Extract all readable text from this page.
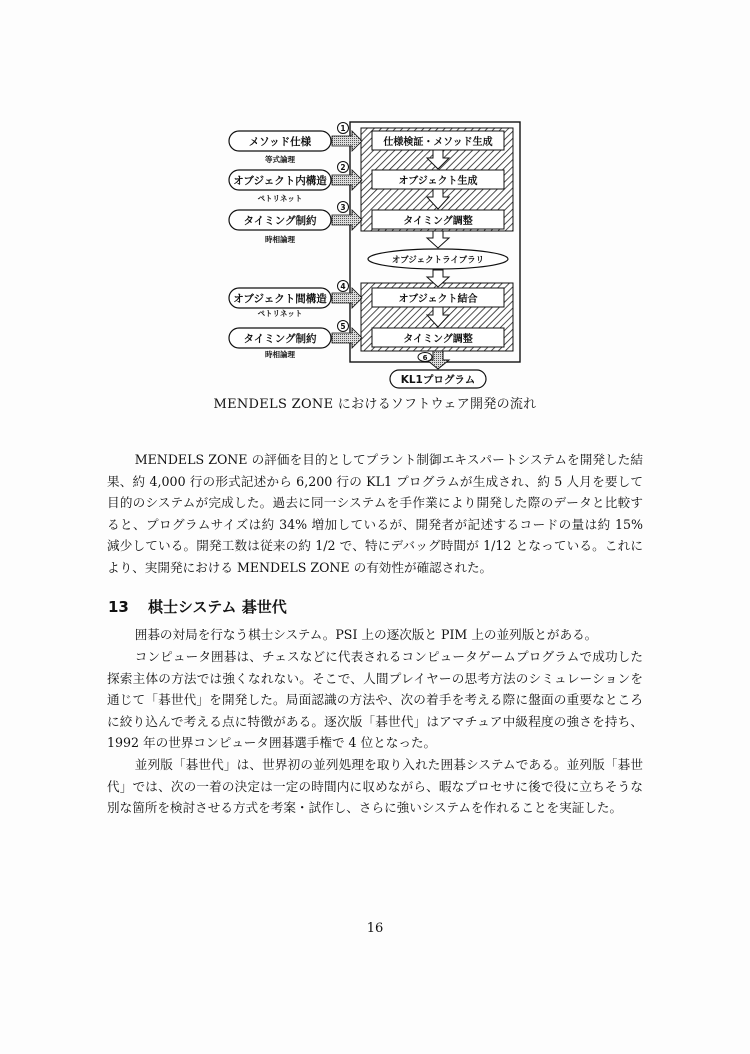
仕様検証・メソッド生成
オブジェクト生成
タイミング調整
オブジェクト結合
タイミング調整
オブジェクトライブラリ
メソッド仕様
等式論理
1
オブジェクト内構造
ペトリネット
2
タイミング制約
時相論理
3
オブジェクト間構造
ペトリネット
4
タイミング制約
時相論理
5
6
KL1プログラム
MENDELS ZONE におけるソフトウェア開発の流れ

MENDELS ZONE の評価を目的としてプラント制御エキスパートシステムを開発した結果、約 4,000 行の形式記述から 6,200 行の KL1 プログラムが生成され、約 5 人月を要して目的のシステムが完成した。過去に同一システムを手作業により開発した際のデータと比較すると、プログラムサイズは約 34% 増加しているが、開発者が記述するコードの量は約 15% 減少している。開発工数は従来の約 1/2 で、特にデバッグ時間が 1/12 となっている。これにより、実開発における MENDELS ZONE の有効性が確認された。

13 棋士システム 碁世代

囲碁の対局を行なう棋士システム。PSI 上の逐次版と PIM 上の並列版とがある。

コンピュータ囲碁は、チェスなどに代表されるコンピュータゲームプログラムで成功した探索主体の方法では強くなれない。そこで、人間プレイヤーの思考方法のシミュレーションを通じて「碁世代」を開発した。局面認識の方法や、次の着手を考える際に盤面の重要なところに絞り込んで考える点に特徴がある。逐次版「碁世代」はアマチュア中級程度の強さを持ち、1992 年の世界コンピュータ囲碁選手権で 4 位となった。

並列版「碁世代」は、世界初の並列処理を取り入れた囲碁システムである。並列版「碁世代」では、次の一着の決定は一定の時間内に収めながら、暇なプロセサに後で役に立ちそうな別な箇所を検討させる方式を考案・試作し、さらに強いシステムを作れることを実証した。

16
